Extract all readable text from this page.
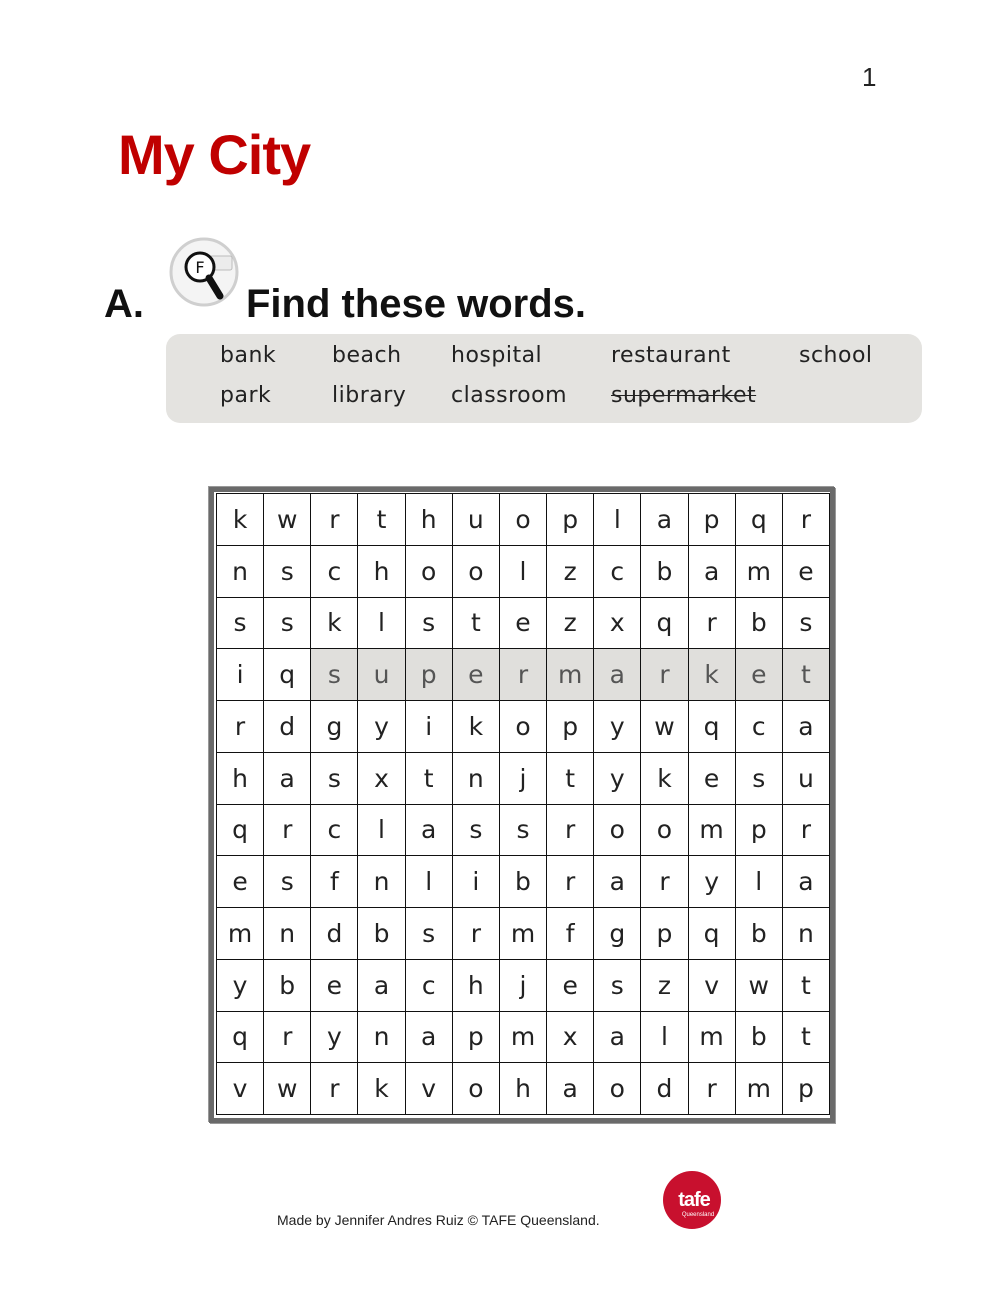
1
My City
A.
F
Find these words.
bank	beach hospital	restaurant	school
park	library classroom supermarket
k	w	r	t	h	u	o	p	l	a	p	q	r
n	s	c	h	o	o	l	z	c	b	a	m	e
s	s	k	l	s	t	e	z	x	q	r	b	s
i	q	s	u	p	e	r	m	a	r	k	e	t
r	d	g	y	i	k	o	p	y	w	q	c	a
h	a	s	x	t	n	j	t	y	k	e	s	u
q	r	c	l	a	s	s	r	o	o	m	p	r
e	s	f	n	l	i	b	r	a	r	y	l	a
m	n	d	b	s	r	m	f	g	p	q	b	n
y	b	e	a	c	h	j	e	s	z	v	w	t
q	r	y	n	a	p	m	x	a	l	m	b	t
v	w	r	k	v	o	h	a	o	d	r	m	p
Made by Jennifer Andres Ruiz © TAFE Queensland.
tafe
Queensland
